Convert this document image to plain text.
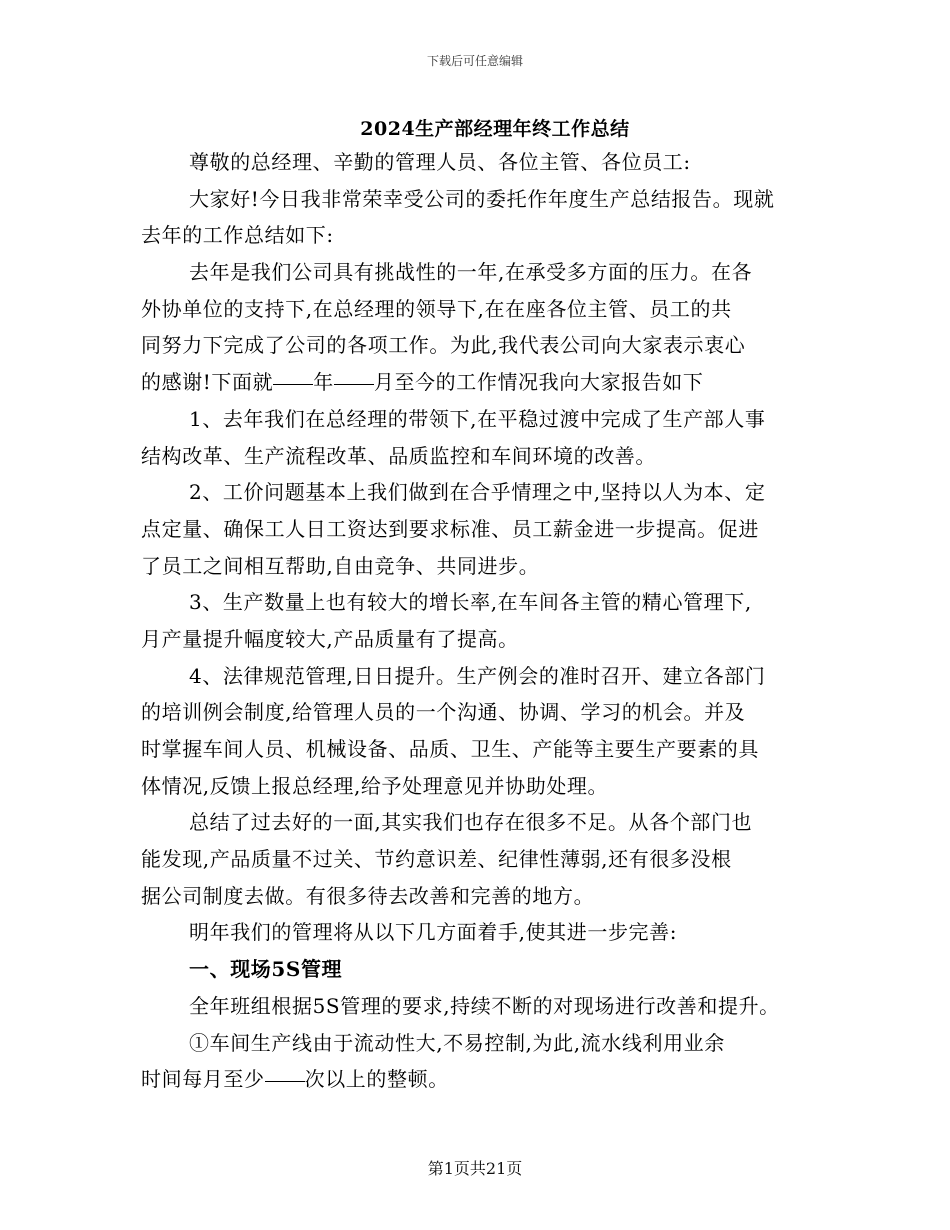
下载后可任意编辑
2024生产部经理年终工作总结
尊敬的总经理、辛勤的管理人员、各位主管、各位员工:
大家好!今日我非常荣幸受公司的委托作年度生产总结报告。现就
去年的工作总结如下:
去年是我们公司具有挑战性的一年,在承受多方面的压力。在各
外协单位的支持下,在总经理的领导下,在在座各位主管、员工的共
同努力下完成了公司的各项工作。为此,我代表公司向大家表示衷心
的感谢!下面就 年 月至今的工作情况我向大家报告如下
1、去年我们在总经理的带领下,在平稳过渡中完成了生产部人事
结构改革、生产流程改革、品质监控和车间环境的改善。
2、工价问题基本上我们做到在合乎情理之中,坚持以人为本、定
点定量、确保工人日工资达到要求标准、员工薪金进一步提高。促进
了员工之间相互帮助,自由竞争、共同进步。
3、生产数量上也有较大的增长率,在车间各主管的精心管理下,
月产量提升幅度较大,产品质量有了提高。
4、法律规范管理,日日提升。生产例会的准时召开、建立各部门
的培训例会制度,给管理人员的一个沟通、协调、学习的机会。并及
时掌握车间人员、机械设备、品质、卫生、产能等主要生产要素的具
体情况,反馈上报总经理,给予处理意见并协助处理。
总结了过去好的一面,其实我们也存在很多不足。从各个部门也
能发现,产品质量不过关、节约意识差、纪律性薄弱,还有很多没根
据公司制度去做。有很多待去改善和完善的地方。
明年我们的管理将从以下几方面着手,使其进一步完善:
一、现场5S管理
全年班组根据5S管理的要求,持续不断的对现场进行改善和提升。
①车间生产线由于流动性大,不易控制,为此,流水线利用业余
时间每月至少 次以上的整顿。
第1页共21页
